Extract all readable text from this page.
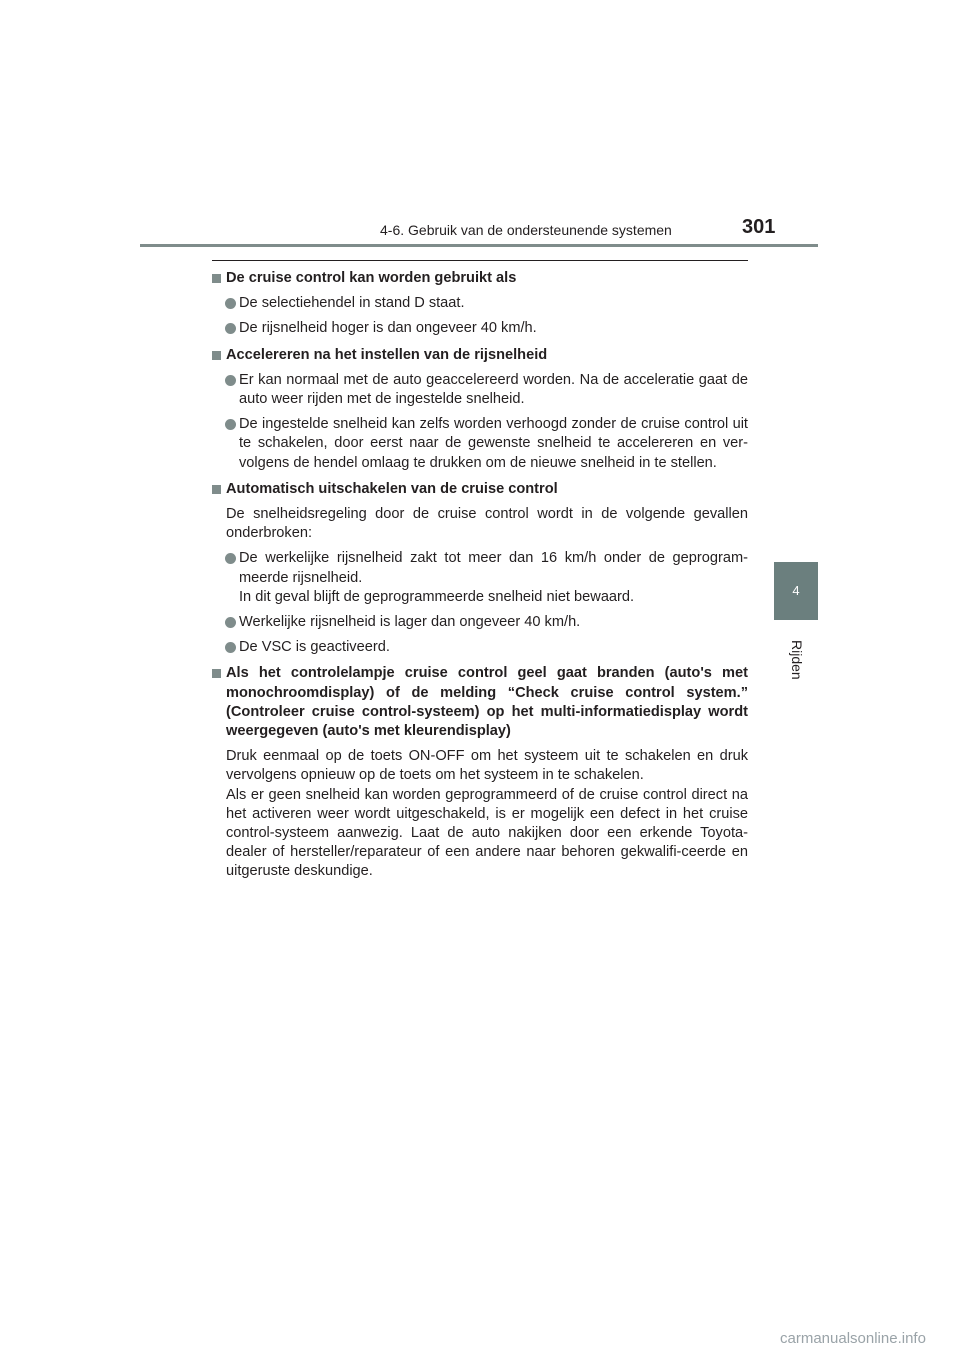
4-6. Gebruik van de ondersteunende systemen	301
4
Rijden
De cruise control kan worden gebruikt als
De selectiehendel in stand D staat.
De rijsnelheid hoger is dan ongeveer 40 km/h.
Accelereren na het instellen van de rijsnelheid
Er kan normaal met de auto geaccelereerd worden. Na de acceleratie gaat de auto weer rijden met de ingestelde snelheid.
De ingestelde snelheid kan zelfs worden verhoogd zonder de cruise control uit te schakelen, door eerst naar de gewenste snelheid te accelereren en ver-volgens de hendel omlaag te drukken om de nieuwe snelheid in te stellen.
Automatisch uitschakelen van de cruise control
De snelheidsregeling door de cruise control wordt in de volgende gevallen onderbroken:
De werkelijke rijsnelheid zakt tot meer dan 16 km/h onder de geprogram-meerde rijsnelheid.
In dit geval blijft de geprogrammeerde snelheid niet bewaard.
Werkelijke rijsnelheid is lager dan ongeveer 40 km/h.
De VSC is geactiveerd.
Als het controlelampje cruise control geel gaat branden (auto's met monochroomdisplay) of de melding “Check cruise control system.” (Controleer cruise control-systeem) op het multi-informatiedisplay wordt weergegeven (auto's met kleurendisplay)
Druk eenmaal op de toets ON-OFF om het systeem uit te schakelen en druk vervolgens opnieuw op de toets om het systeem in te schakelen.
Als er geen snelheid kan worden geprogrammeerd of de cruise control direct na het activeren weer wordt uitgeschakeld, is er mogelijk een defect in het cruise control-systeem aanwezig. Laat de auto nakijken door een erkende Toyota-dealer of hersteller/reparateur of een andere naar behoren gekwalifi-ceerde en uitgeruste deskundige.
carmanualsonline.info
